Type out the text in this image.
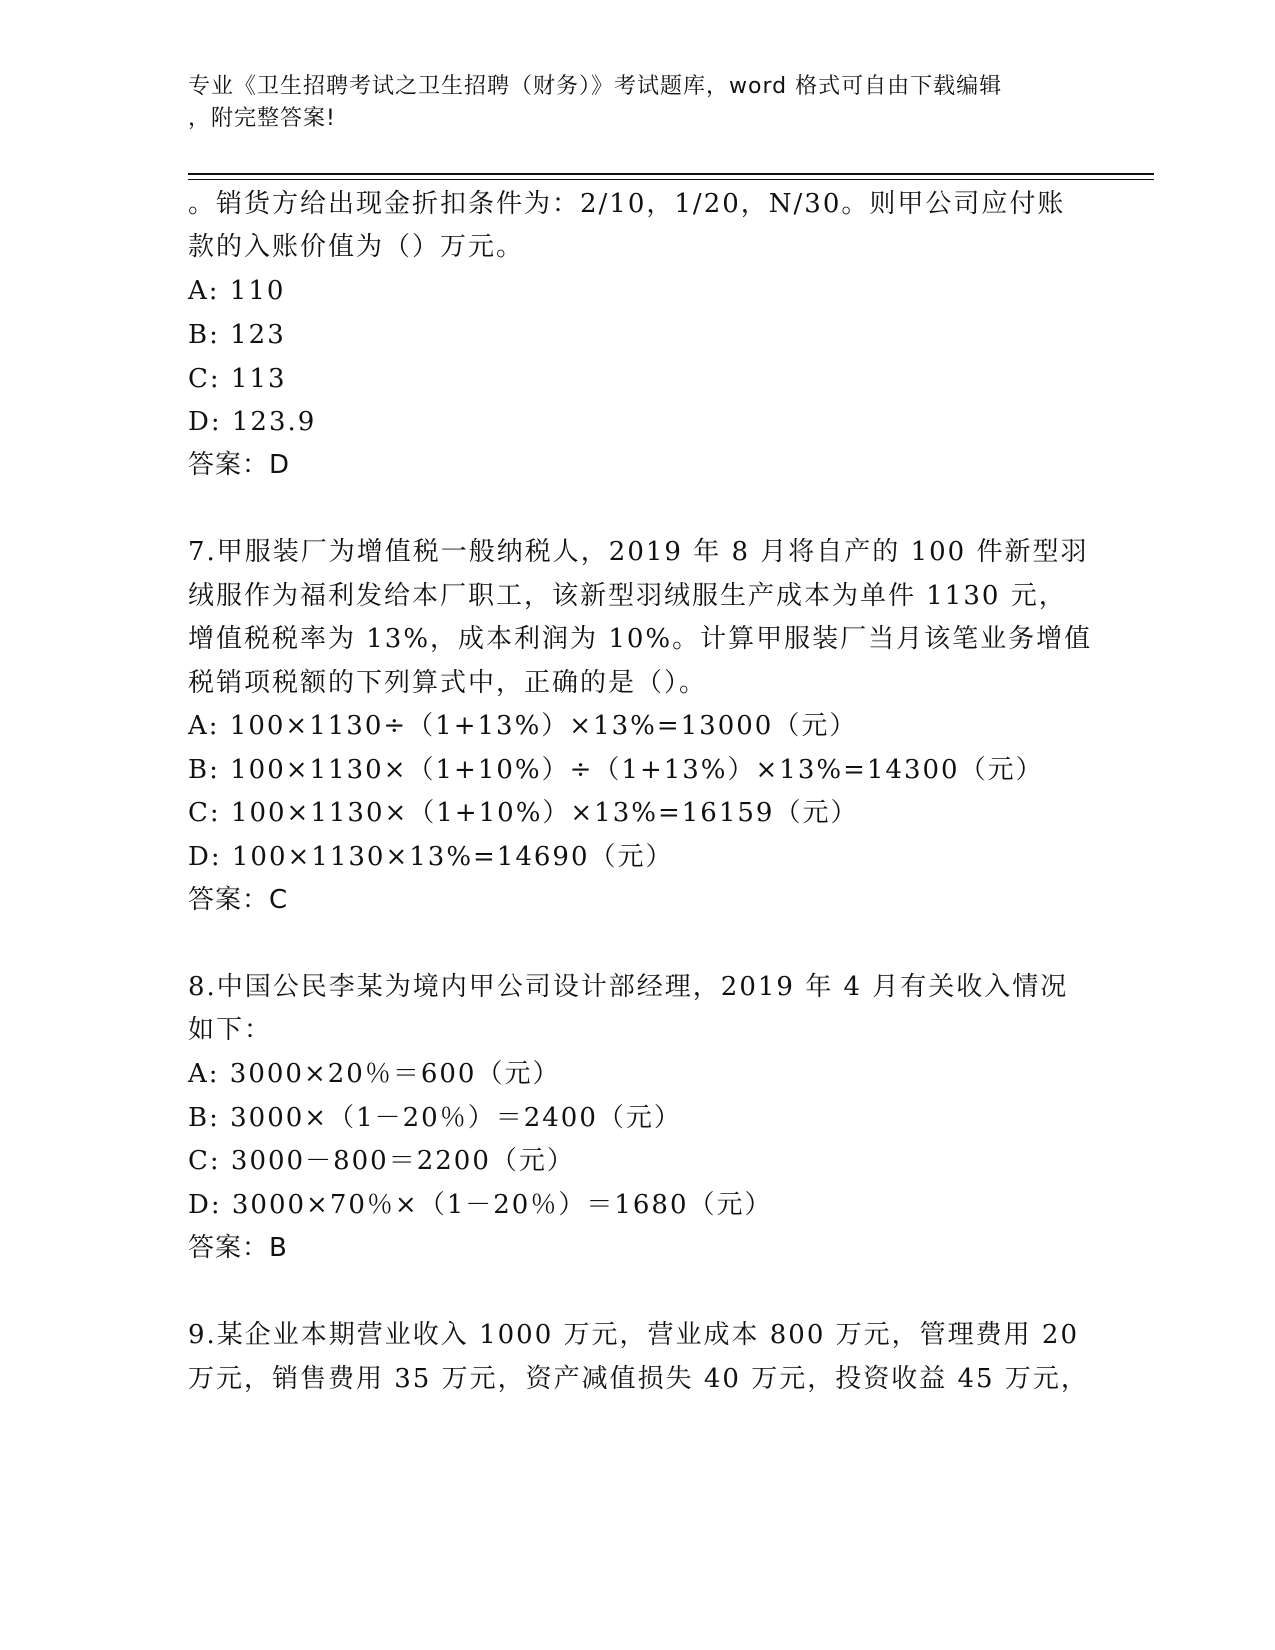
专业《卫生招聘考试之卫生招聘（财务）》考试题库，word 格式可自由下载编辑
，附完整答案!
。销货方给出现金折扣条件为：2/10，1/20，N/30。则甲公司应付账
款的入账价值为（）万元。
A: 110
B: 123
C: 113
D: 123.9
答案：D
7.甲服装厂为增值税一般纳税人，2019 年 8 月将自产的 100 件新型羽
绒服作为福利发给本厂职工，该新型羽绒服生产成本为单件 1130 元，
增值税税率为 13%，成本利润为 10%。计算甲服装厂当月该笔业务增值
税销项税额的下列算式中，正确的是（）。
A: 100×1130÷（1+13%）×13%=13000（元）
B: 100×1130×（1+10%）÷（1+13%）×13%=14300（元）
C: 100×1130×（1+10%）×13%=16159（元）
D: 100×1130×13%=14690（元）
答案：C
8.中国公民李某为境内甲公司设计部经理，2019 年 4 月有关收入情况
如下：
A: 3000×20％＝600（元）
B: 3000×（1－20％）＝2400（元）
C: 3000－800＝2200（元）
D: 3000×70％×（1－20％）＝1680（元）
答案：B
9.某企业本期营业收入 1000 万元，营业成本 800 万元，管理费用 20
万元，销售费用 35 万元，资产减值损失 40 万元，投资收益 45 万元，
